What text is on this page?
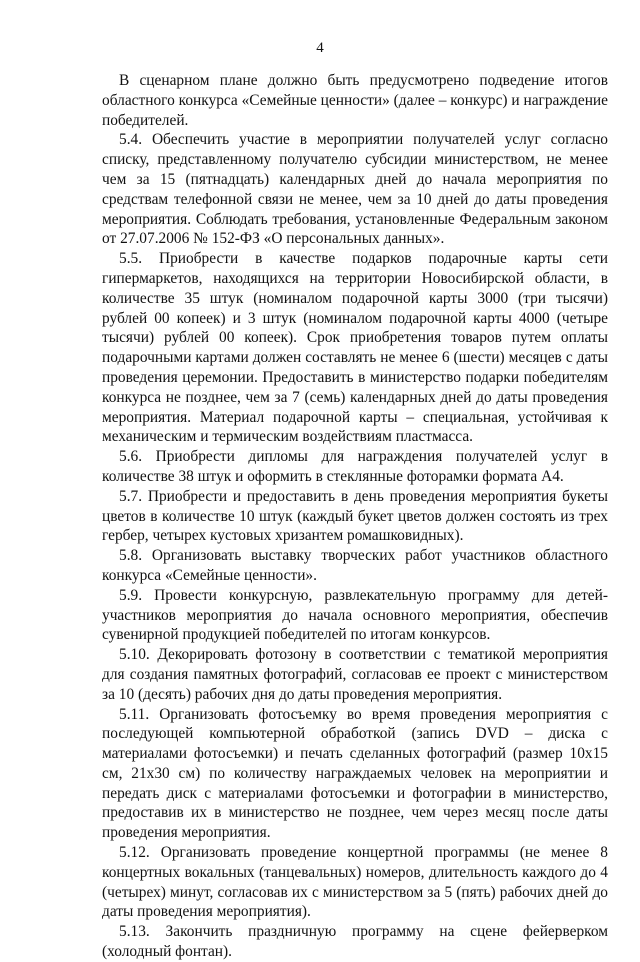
4

В сценарном плане должно быть предусмотрено подведение итогов областного конкурса «Семейные ценности» (далее – конкурс) и награждение победителей.

5.4. Обеспечить участие в мероприятии получателей услуг согласно списку, представленному получателю субсидии министерством, не менее чем за 15 (пятнадцать) календарных дней до начала мероприятия по средствам телефонной связи не менее, чем за 10 дней до даты проведения мероприятия. Соблюдать требования, установленные Федеральным законом от 27.07.2006 № 152-ФЗ «О персональных данных».

5.5. Приобрести в качестве подарков подарочные карты сети гипермаркетов, находящихся на территории Новосибирской области, в количестве 35 штук (номиналом подарочной карты 3000 (три тысячи) рублей 00 копеек) и 3 штук (номиналом подарочной карты 4000 (четыре тысячи) рублей 00 копеек). Срок приобретения товаров путем оплаты подарочными картами должен составлять не менее 6 (шести) месяцев с даты проведения церемонии. Предоставить в министерство подарки победителям конкурса не позднее, чем за 7 (семь) календарных дней до даты проведения мероприятия. Материал подарочной карты – специальная, устойчивая к механическим и термическим воздействиям пластмасса.

5.6. Приобрести дипломы для награждения получателей услуг в количестве 38 штук и оформить в стеклянные фоторамки формата А4.

5.7. Приобрести и предоставить в день проведения мероприятия букеты цветов в количестве 10 штук (каждый букет цветов должен состоять из трех гербер, четырех кустовых хризантем ромашковидных).

5.8. Организовать выставку творческих работ участников областного конкурса «Семейные ценности».

5.9. Провести конкурсную, развлекательную программу для детей-участников мероприятия до начала основного мероприятия, обеспечив сувенирной продукцией победителей по итогам конкурсов.

5.10. Декорировать фотозону в соответствии с тематикой мероприятия для создания памятных фотографий, согласовав ее проект с министерством за 10 (десять) рабочих дня до даты проведения мероприятия.

5.11. Организовать фотосъемку во время проведения мероприятия с последующей компьютерной обработкой (запись DVD – диска с материалами фотосъемки) и печать сделанных фотографий (размер 10х15 см, 21х30 см) по количеству награждаемых человек на мероприятии и передать диск с материалами фотосъемки и фотографии в министерство, предоставив их в министерство не позднее, чем через месяц после даты проведения мероприятия.

5.12. Организовать проведение концертной программы (не менее 8 концертных вокальных (танцевальных) номеров, длительность каждого до 4 (четырех) минут, согласовав их с министерством за 5 (пять) рабочих дней до даты проведения мероприятия).

5.13. Закончить праздничную программу на сцене фейерверком (холодный фонтан).
